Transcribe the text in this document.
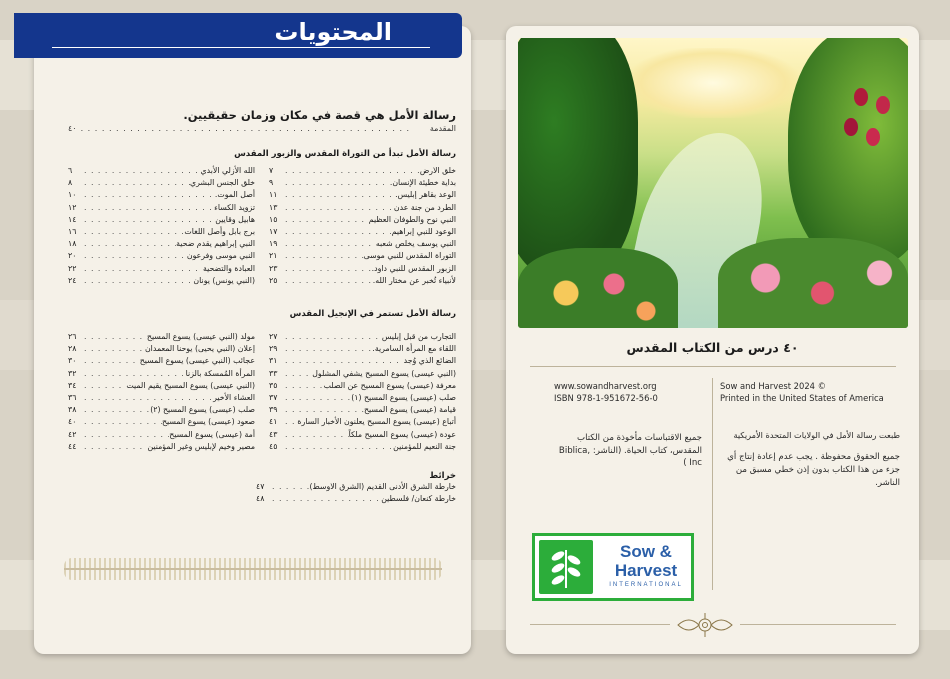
رسالة الأمل هي قصة في مكان وزمان حقيقيين.
المقدمة
. . . . . . . . . . . . . . . . . . . . . . . . . . . . . . . . . . . . . . . . . . . . . . .
٤٠
رسالة الأمل تبدأ من التوراة المقدس والزبور المقدس
خلق الارض
. . .
٧
بداية خطيئة الإنسان.
. . .
٩
الوعد بقاهر إبليس.
. . .
١١
الطرد من جنة عدن
. . .
١٣
النبي نوح والطوفان العظيم
. . .
١٥
الوعود للنبي إبراهيم
. . .
١٧
النبي يوسف يخلص شعبه
. . .
١٩
التوراة المقدس للنبي موسى
. . .
٢١
الزبور المقدس للنبي داود.
. . .
٢٣
لأنبياء تُخبر عن مختار الله.
. . .
٢٥
الله الأزلي الأبدي
. . .
٦
خلق الجنس البشري
. . .
٨
أصل الموت.
. . .
١٠
تزويد الكساء
. . .
١٢
هابيل وقايين
. . .
١٤
برج بابل وأصل اللغات
. . .
١٦
النبي إبراهيم يقدم ضحية
. . .
١٨
النبي موسى وفرعون
. . .
٢٠
العبادة والتضحية
. . .
٢٢
(النبي يونس) يونان
. . .
٢٤
رسالة الأمل تستمر في الإنجيل المقدس
التجارب من قبل إبليس
. . .
٢٧
اللقاء مع المرأة السامرية.
. . .
٢٩
الضائع الذي وُجد
. . .
٣١
(النبي عيسى) يسوع المسيح يشفي المشلول
. . .
٣٣
معرفة (عيسى) يسوع المسيح عن الصلب
. . .
٣٥
صلب (عيسى) يسوع المسيح (١)
. . .
٣٧
قيامة (عيسى) يسوع المسيح
. . .
٣٩
أتباع (عيسى) يسوع المسيح يعلنون الأخبار السارة
. . .
٤١
عودة (عيسى) يسوع المسيح ملكاً
. . .
٤٣
جنة النعيم للمؤمنين
. . .
٤٥
مولد (النبي عيسى) يسوع المسيح
. . .
٢٦
إعلان (النبي يحيى) يوحنا المعمدان
. . .
٢٨
عجائب (النبي عيسى) يسوع المسيح
. . .
٣٠
المرأة المُمسكة بالزنا
. . .
٣٢
(النبي عيسى) يسوع المسيح يقيم الميت
. . .
٣٤
العشاء الأخير
. . .
٣٦
صلب (عيسى) يسوع المسيح (٢)
. . .
٣٨
صعود (عيسى) يسوع المسيح
. . .
٤٠
أمة (عيسى) يسوع المسيح
. . .
٤٢
مصير وخيم لإبليس وغير المؤمنين
. . .
٤٤
خرائط
خارطة الشرق الأدنى القديم (الشرق الاوسط)
. . .
٤٧
خارطة كنعان/ فلسطين
. . .
٤٨
المحتويات
٤٠ درس من الكتاب المقدس
www.sowandharvest.org
ISBN 978-1-951672-56-0
جميع الاقتباسات مأخوذة من الكتاب المقدس، كتاب الحياة. (الناشر: Biblica, Inc )
Sow and Harvest 2024 ©
Printed in the United States of America
طبعت رسالة الأمل في الولايات المتحدة الأمريكية
جميع الحقوق محفوظة . يجب عدم إعادة إنتاج أي جزء من هذا الكتاب بدون إذن خطي مسبق من الناشر.
Sow & Harvest
INTERNATIONAL
